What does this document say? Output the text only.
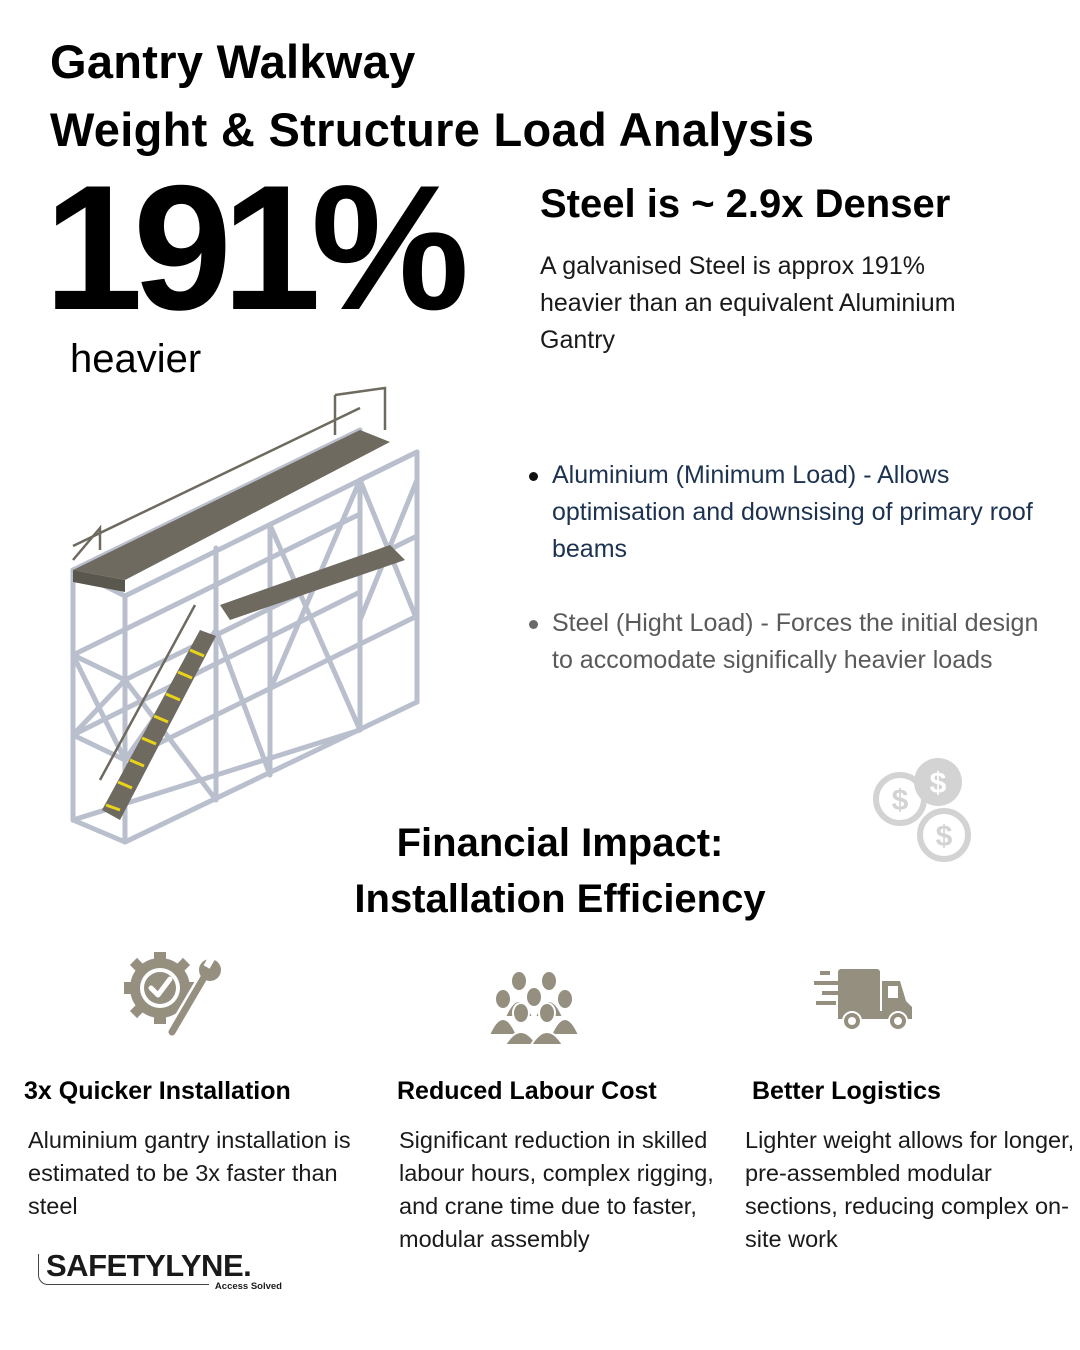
Gantry Walkway
Weight & Structure Load Analysis
191%
heavier
Steel is ~ 2.9x Denser
A galvanised Steel is approx 191% heavier than an equivalent Aluminium Gantry
Aluminium (Minimum Load) - Allows optimisation and downsising of primary roof beams
Steel (Hight Load) - Forces the initial design to accomodate significally heavier loads
$
$
$
Financial Impact:
Installation Efficiency
3x Quicker Installation	Reduced Labour Cost	Better Logistics
Aluminium gantry installation is estimated to be 3x faster than steel
Significant reduction in skilled labour hours, complex rigging, and crane time due to faster, modular assembly
Lighter weight allows for longer, pre-assembled modular sections, reducing complex on-site work
SAFETYLYNE.
Access Solved
